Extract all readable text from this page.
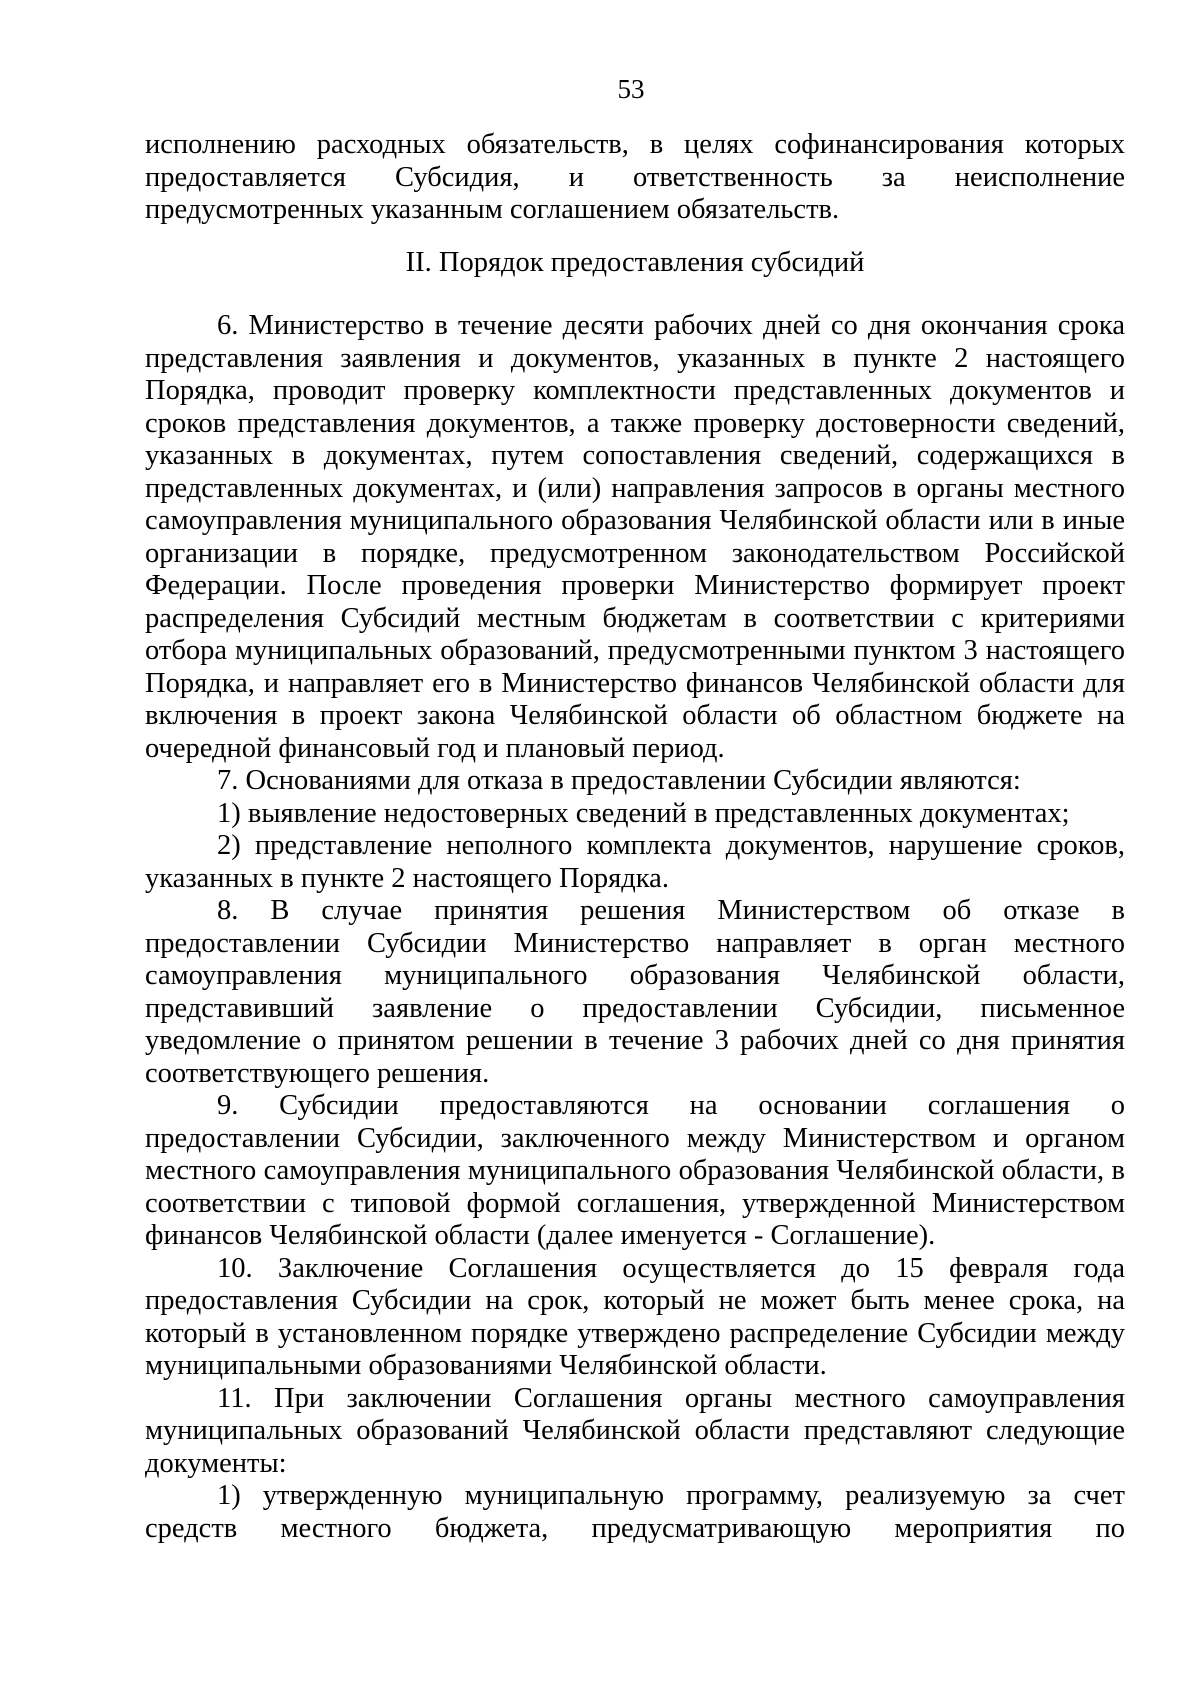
53

исполнению расходных обязательств, в целях софинансирования которых предоставляется Субсидия, и ответственность за неисполнение предусмотренных указанным соглашением обязательств.

II. Порядок предоставления субсидий

6. Министерство в течение десяти рабочих дней со дня окончания срока представления заявления и документов, указанных в пункте 2 настоящего Порядка, проводит проверку комплектности представленных документов и сроков представления документов, а также проверку достоверности сведений, указанных в документах, путем сопоставления сведений, содержащихся в представленных документах, и (или) направления запросов в органы местного самоуправления муниципального образования Челябинской области или в иные организации в порядке, предусмотренном законодательством Российской Федерации. После проведения проверки Министерство формирует проект распределения Субсидий местным бюджетам в соответствии с критериями отбора муниципальных образований, предусмотренными пунктом 3 настоящего Порядка, и направляет его в Министерство финансов Челябинской области для включения в проект закона Челябинской области об областном бюджете на очередной финансовый год и плановый период.

7. Основаниями для отказа в предоставлении Субсидии являются:

1) выявление недостоверных сведений в представленных документах;

2) представление неполного комплекта документов, нарушение сроков, указанных в пункте 2 настоящего Порядка.

8. В случае принятия решения Министерством об отказе в предоставлении Субсидии Министерство направляет в орган местного самоуправления муниципального образования Челябинской области, представивший заявление о предоставлении Субсидии, письменное уведомление о принятом решении в течение 3 рабочих дней со дня принятия соответствующего решения.

9. Субсидии предоставляются на основании соглашения о предоставлении Субсидии, заключенного между Министерством и органом местного самоуправления муниципального образования Челябинской области, в соответствии с типовой формой соглашения, утвержденной Министерством финансов Челябинской области (далее именуется - Соглашение).

10. Заключение Соглашения осуществляется до 15 февраля года предоставления Субсидии на срок, который не может быть менее срока, на который в установленном порядке утверждено распределение Субсидии между муниципальными образованиями Челябинской области.

11. При заключении Соглашения органы местного самоуправления муниципальных образований Челябинской области представляют следующие документы:

1) утвержденную муниципальную программу, реализуемую за счет средств местного бюджета, предусматривающую мероприятия по
